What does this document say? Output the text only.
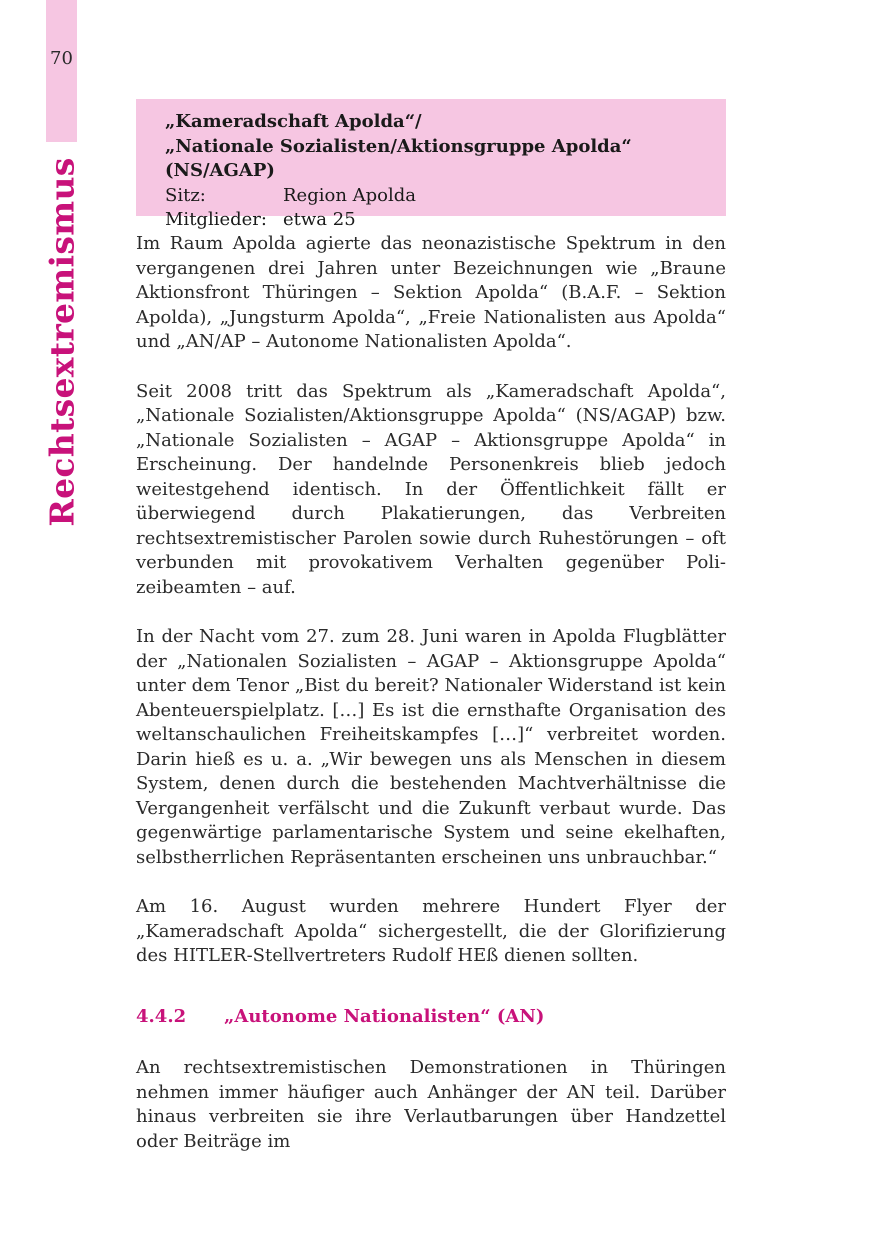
70
Rechtsextremismus
„Kameradschaft Apolda“/
„Nationale Sozialisten/Aktionsgruppe Apolda“ (NS/AGAP)
Sitz:	Region Apolda
Mitglieder: etwa 25

Im Raum Apolda agierte das neonazistische Spektrum in den vergangenen drei Jahren unter Bezeichnungen wie „Braune Aktionsfront Thüringen – Sektion Apolda“ (B.A.F. – Sektion Apolda), „Jungsturm Apolda“, „Freie Nationalisten aus Apolda“ und „AN/AP – Autonome Nationalisten Apolda“.

Seit 2008 tritt das Spektrum als „Kameradschaft Apolda“, „Nationale Sozialisten/Aktionsgruppe Apolda“ (NS/AGAP) bzw. „Nationale Sozialisten – AGAP – Aktionsgruppe Apolda“ in Erscheinung. Der handelnde Personenkreis blieb jedoch weitestgehend identisch. In der Öffentlichkeit fällt er überwiegend durch Plakatierungen, das Verbreiten rechtsextremistischer Parolen sowie durch Ruhestörungen – oft verbunden mit provokativem Verhalten gegenüber Polizeibeamten – auf.

In der Nacht vom 27. zum 28. Juni waren in Apolda Flugblätter der „Nationalen Sozialisten – AGAP – Aktionsgruppe Apolda“ unter dem Tenor „Bist du bereit? Nationaler Widerstand ist kein Abenteuerspielplatz. […] Es ist die ernsthafte Organisation des weltanschaulichen Freiheitskampfes […]“ verbreitet worden. Darin hieß es u. a. „Wir bewegen uns als Menschen in diesem System, denen durch die bestehenden Machtverhältnisse die Vergangenheit verfälscht und die Zukunft verbaut wurde. Das gegenwärtige parlamentarische System und seine ekelhaften, selbstherrlichen Repräsentanten erscheinen uns unbrauchbar.“

Am 16. August wurden mehrere Hundert Flyer der „Kameradschaft Apolda“ sichergestellt, die der Glorifizierung des HITLER-Stellvertreters Rudolf HEß dienen sollten.

4.4.2	„Autonome Nationalisten“ (AN)

An rechtsextremistischen Demonstrationen in Thüringen nehmen immer häufiger auch Anhänger der AN teil. Darüber hinaus verbreiten sie ihre Verlautbarungen über Handzettel oder Beiträge im
